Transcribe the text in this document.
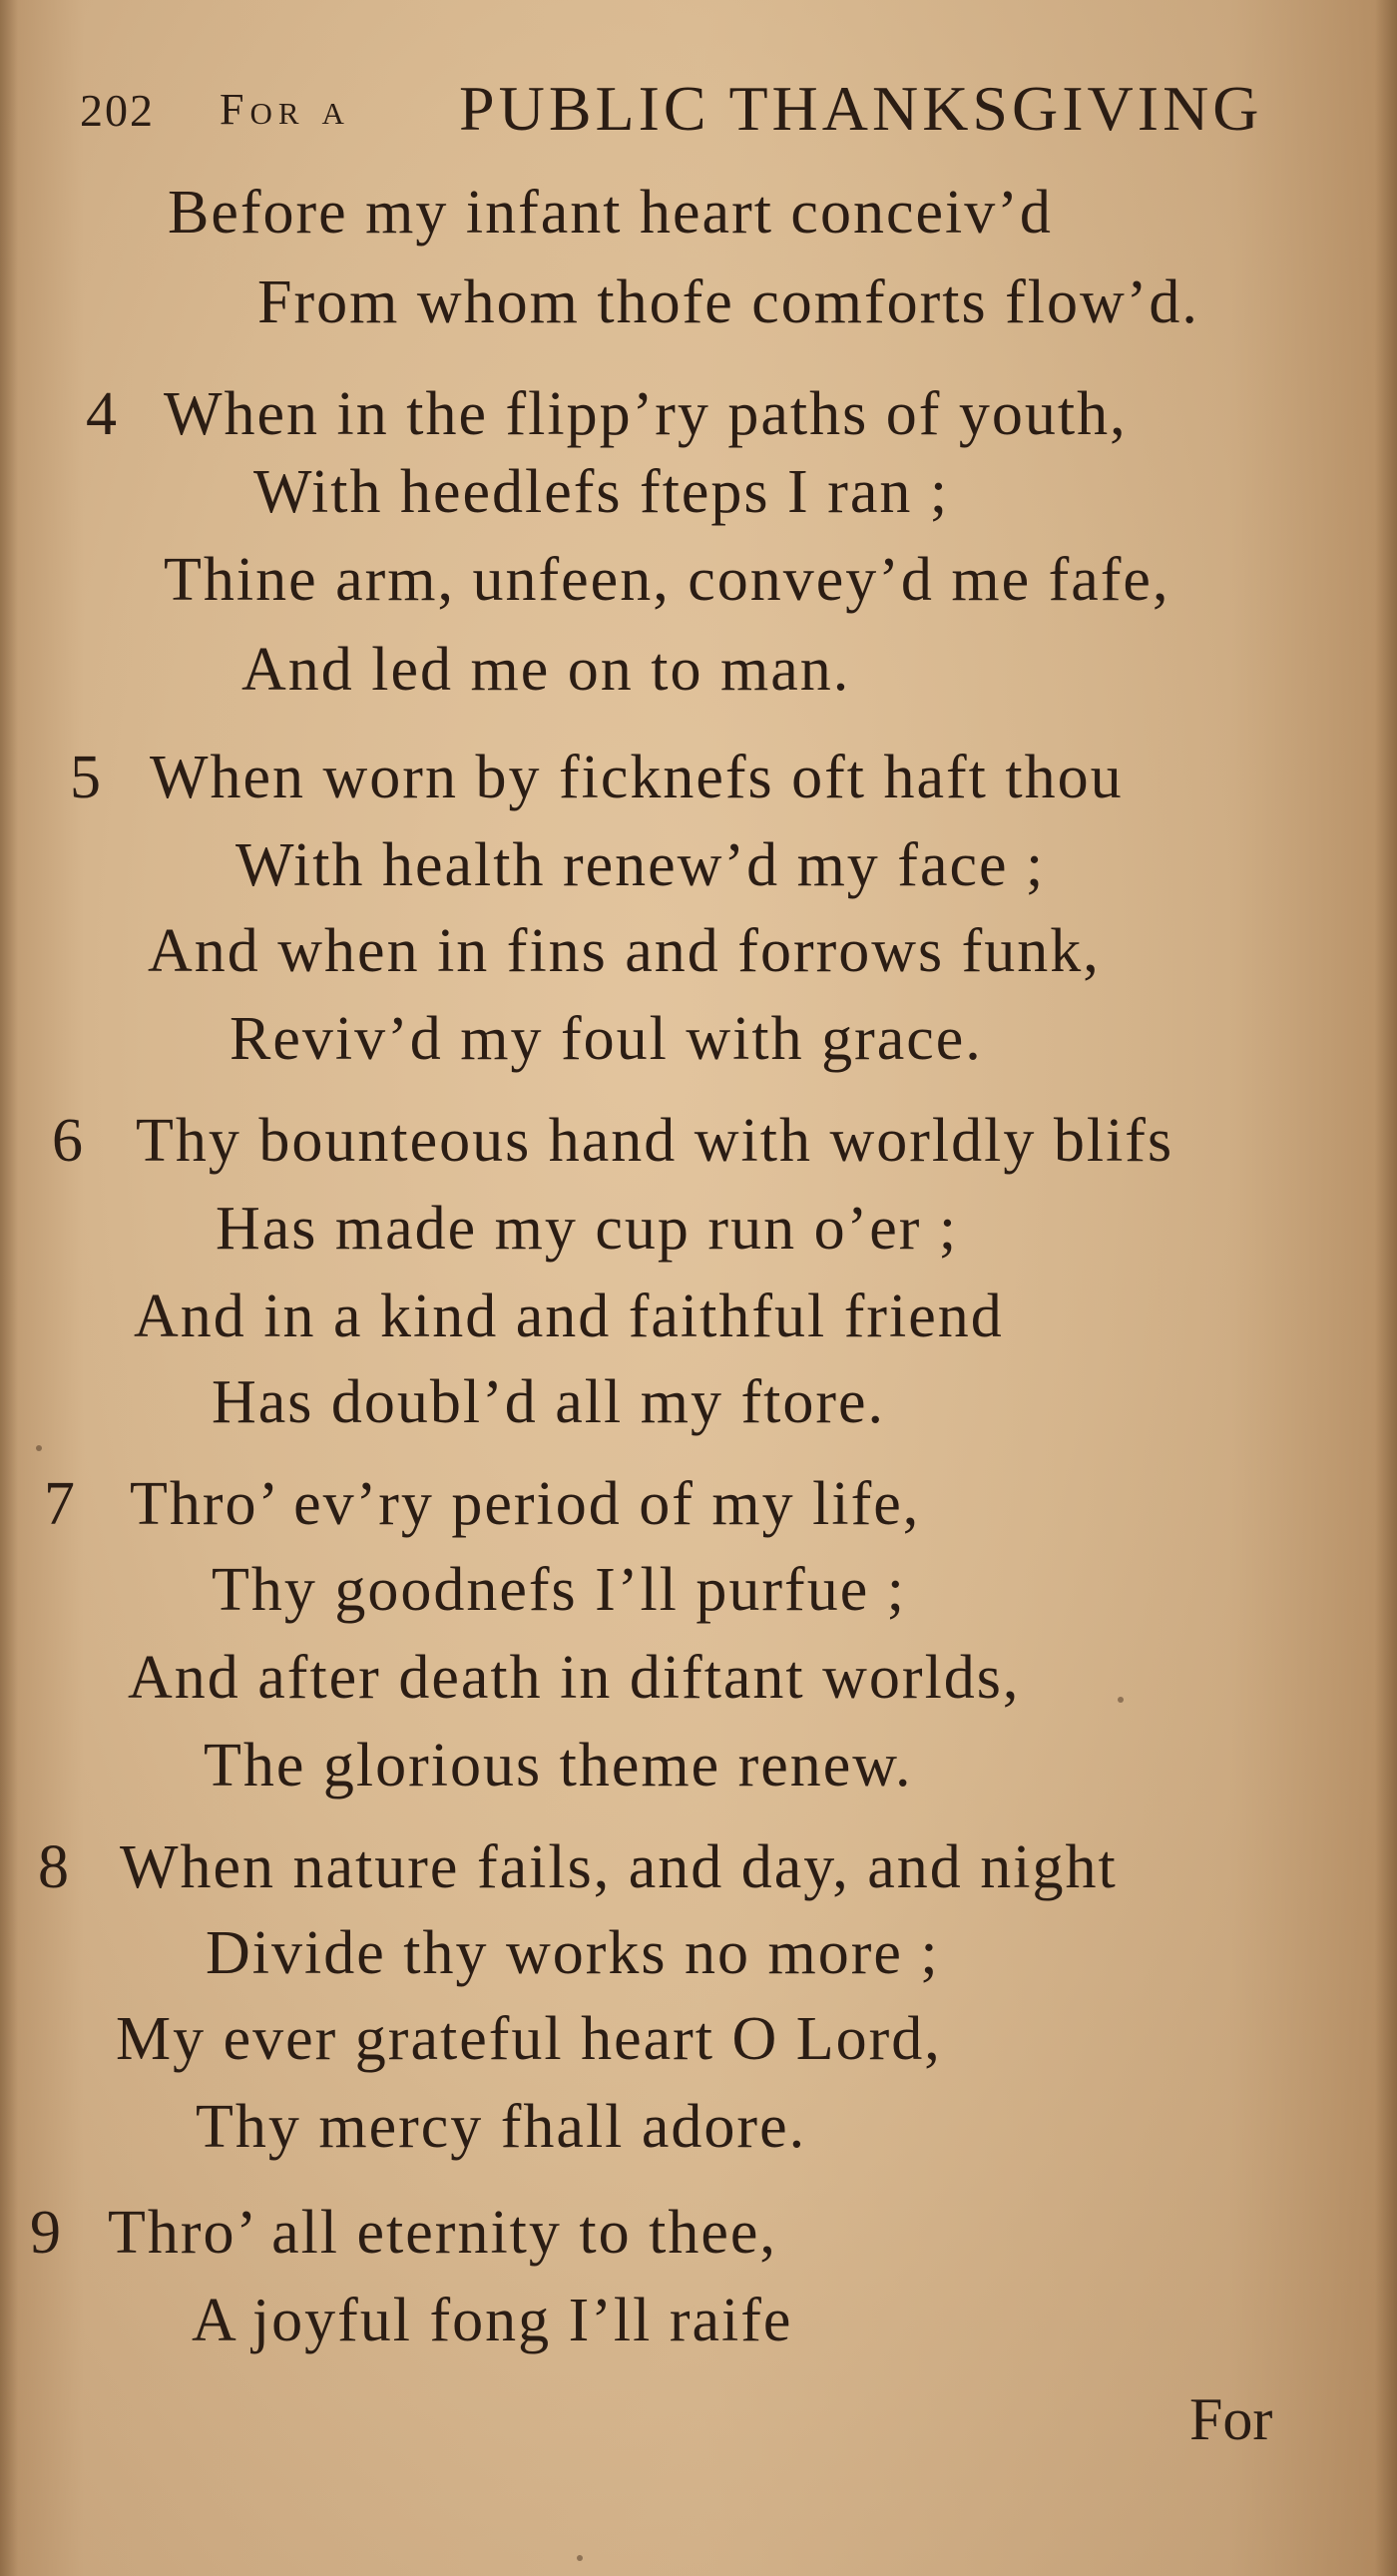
202 For a PUBLIC THANKSGIVING
Before my infant heart conceiv’d
From whom thofe comforts flow’d.
4 When in the flipp’ry paths of youth,
With heedlefs fteps I ran ;
Thine arm, unfeen, convey’d me fafe,
And led me on to man.
5 When worn by ficknefs oft haft thou
With health renew’d my face ;
And when in fins and forrows funk,
Reviv’d my foul with grace.
6 Thy bounteous hand with worldly blifs
Has made my cup run o’er ;
And in a kind and faithful friend
Has doubl’d all my ftore.
7 Thro’ ev’ry period of my life,
Thy goodnefs I’ll purfue ;
And after death in diftant worlds,
The glorious theme renew.
8 When nature fails, and day, and night
Divide thy works no more ;
My ever grateful heart O Lord,
Thy mercy fhall adore.
9 Thro’ all eternity to thee,
A joyful fong I’ll raife
For
